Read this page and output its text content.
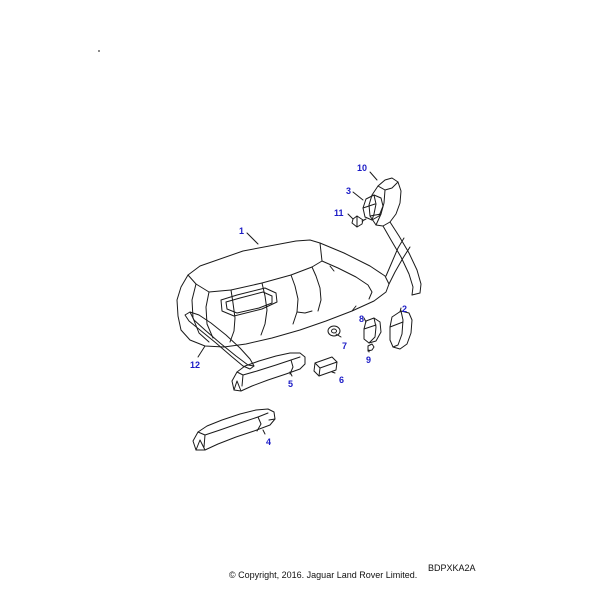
1
2
3
4
5	6
7
8
9
10
11
12
© Copyright, 2016. Jaguar Land Rover Limited.
BDPXKA2A
